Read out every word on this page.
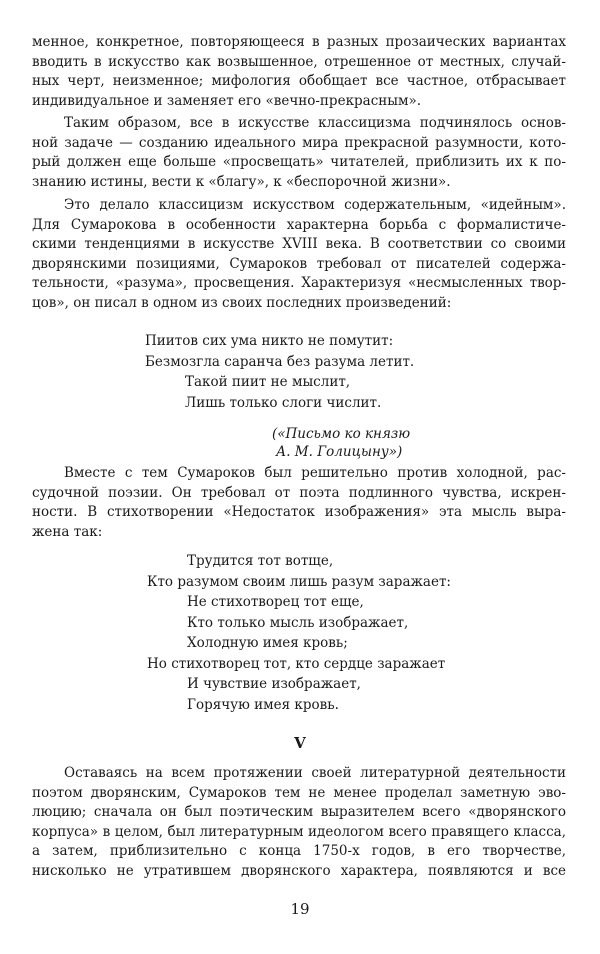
менное, конкретное, повторяющееся в разных прозаических вариантах
вводить в искусство как возвышенное, отрешенное от местных, случай-
ных черт, неизменное; мифология обобщает все частное, отбрасывает
индивидуальное и заменяет его «вечно-прекрасным».
Таким образом, все в искусстве классицизма подчинялось основ-
ной задаче — созданию идеального мира прекрасной разумности, кото-
рый должен еще больше «просвещать» читателей, приблизить их к по-
знанию истины, вести к «благу», к «беспорочной жизни».
Это делало классицизм искусством содержательным, «идейным».
Для Сумарокова в особенности характерна борьба с формалистиче-
скими тенденциями в искусстве XVIII века. В соответствии со своими
дворянскими позициями, Сумароков требовал от писателей содержа-
тельности, «разума», просвещения. Характеризуя «несмысленных твор-
цов», он писал в одном из своих последних произведений:
Пиитов сих ума никто не помутит:
Безмозгла саранча без разума летит.
Такой пиит не мыслит,
Лишь только слоги числит.
(«Письмо ко князю
А. М. Голицыну»)
Вместе с тем Сумароков был решительно против холодной, рас-
судочной поэзии. Он требовал от поэта подлинного чувства, искрен-
ности. В стихотворении «Недостаток изображения» эта мысль выра-
жена так:
Трудится тот вотще,
Кто разумом своим лишь разум заражает:
Не стихотворец тот еще,
Кто только мысль изображает,
Холодную имея кровь;
Но стихотворец тот, кто сердце заражает
И чувствие изображает,
Горячую имея кровь.
V
Оставаясь на всем протяжении своей литературной деятельности
поэтом дворянским, Сумароков тем не менее проделал заметную эво-
люцию; сначала он был поэтическим выразителем всего «дворянского
корпуса» в целом, был литературным идеологом всего правящего класса,
а затем, приблизительно с конца 1750-х годов, в его творчестве,
нисколько не утратившем дворянского характера, появляются и все
19
